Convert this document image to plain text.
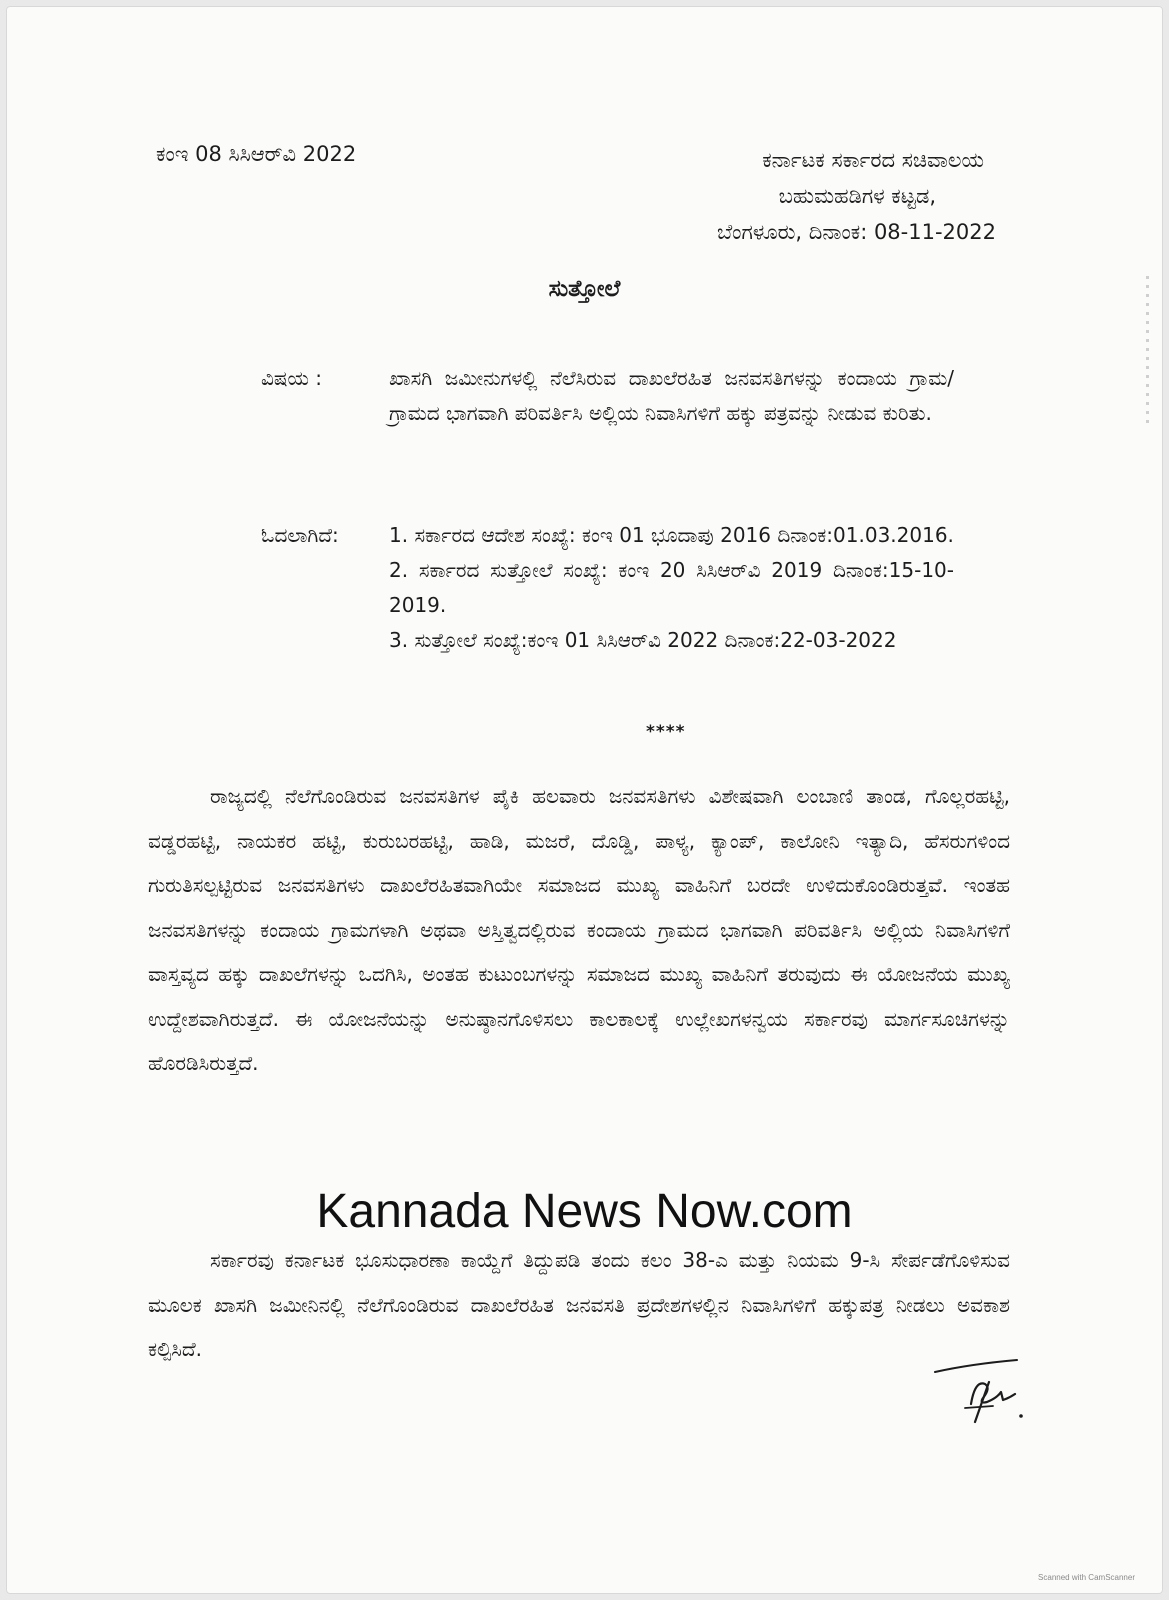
ಕಂಇ 08 ಸಿಸಿಆರ್‌ವಿ 2022	ಕರ್ನಾಟಕ ಸರ್ಕಾರದ ಸಚಿವಾಲಯ
ಬಹುಮಹಡಿಗಳ ಕಟ್ಟಡ,
ಬೆಂಗಳೂರು, ದಿನಾಂಕ: 08-11-2022
ಸುತ್ತೋಲೆ
ವಿಷಯ :	ಖಾಸಗಿ ಜಮೀನುಗಳಲ್ಲಿ ನೆಲೆಸಿರುವ ದಾಖಲೆರಹಿತ ಜನವಸತಿಗಳನ್ನು ಕಂದಾಯ ಗ್ರಾಮ/ಗ್ರಾಮದ ಭಾಗವಾಗಿ ಪರಿವರ್ತಿಸಿ ಅಲ್ಲಿಯ ನಿವಾಸಿಗಳಿಗೆ ಹಕ್ಕು ಪತ್ರವನ್ನು ನೀಡುವ ಕುರಿತು.
ಓದಲಾಗಿದೆ:	1. ಸರ್ಕಾರದ ಆದೇಶ ಸಂಖ್ಯೆ: ಕಂಇ 01 ಭೂದಾಪು 2016 ದಿನಾಂಕ:01.03.2016.
2. ಸರ್ಕಾರದ ಸುತ್ತೋಲೆ ಸಂಖ್ಯೆ: ಕಂಇ 20 ಸಿಸಿಆರ್‌ವಿ 2019 ದಿನಾಂಕ:15-10-2019.
3. ಸುತ್ತೋಲೆ ಸಂಖ್ಯೆ:ಕಂಇ 01 ಸಿಸಿಆರ್‌ವಿ 2022 ದಿನಾಂಕ:22-03-2022
****

ರಾಜ್ಯದಲ್ಲಿ ನೆಲೆಗೊಂಡಿರುವ ಜನವಸತಿಗಳ ಪೈಕಿ ಹಲವಾರು ಜನವಸತಿಗಳು ವಿಶೇಷವಾಗಿ ಲಂಬಾಣಿ ತಾಂಡ, ಗೊಲ್ಲರಹಟ್ಟಿ, ವಡ್ಡರಹಟ್ಟಿ, ನಾಯಕರ ಹಟ್ಟಿ, ಕುರುಬರಹಟ್ಟಿ, ಹಾಡಿ, ಮಜರೆ, ದೊಡ್ಡಿ, ಪಾಳ್ಯ, ಕ್ಯಾಂಪ್, ಕಾಲೋನಿ ಇತ್ಯಾದಿ, ಹೆಸರುಗಳಿಂದ ಗುರುತಿಸಲ್ಪಟ್ಟಿರುವ ಜನವಸತಿಗಳು ದಾಖಲೆರಹಿತವಾಗಿಯೇ ಸಮಾಜದ ಮುಖ್ಯ ವಾಹಿನಿಗೆ ಬರದೇ ಉಳಿದುಕೊಂಡಿರುತ್ತವೆ. ಇಂತಹ ಜನವಸತಿಗಳನ್ನು ಕಂದಾಯ ಗ್ರಾಮಗಳಾಗಿ ಅಥವಾ ಅಸ್ತಿತ್ವದಲ್ಲಿರುವ ಕಂದಾಯ ಗ್ರಾಮದ ಭಾಗವಾಗಿ ಪರಿವರ್ತಿಸಿ ಅಲ್ಲಿಯ ನಿವಾಸಿಗಳಿಗೆ ವಾಸ್ತವ್ಯದ ಹಕ್ಕು ದಾಖಲೆಗಳನ್ನು ಒದಗಿಸಿ, ಅಂತಹ ಕುಟುಂಬಗಳನ್ನು ಸಮಾಜದ ಮುಖ್ಯ ವಾಹಿನಿಗೆ ತರುವುದು ಈ ಯೋಜನೆಯ ಮುಖ್ಯ ಉದ್ದೇಶವಾಗಿರುತ್ತದೆ. ಈ ಯೋಜನೆಯನ್ನು ಅನುಷ್ಠಾನಗೊಳಿಸಲು ಕಾಲಕಾಲಕ್ಕೆ ಉಲ್ಲೇಖಗಳನ್ವಯ ಸರ್ಕಾರವು ಮಾರ್ಗಸೂಚಿಗಳನ್ನು ಹೊರಡಿಸಿರುತ್ತದೆ.

Kannada News Now.com

ಸರ್ಕಾರವು ಕರ್ನಾಟಕ ಭೂಸುಧಾರಣಾ ಕಾಯ್ದೆಗೆ ತಿದ್ದುಪಡಿ ತಂದು ಕಲಂ 38-ಎ ಮತ್ತು ನಿಯಮ 9-ಸಿ ಸೇರ್ಪಡೆಗೊಳಿಸುವ ಮೂಲಕ ಖಾಸಗಿ ಜಮೀನಿನಲ್ಲಿ ನೆಲೆಗೊಂಡಿರುವ ದಾಖಲೆರಹಿತ ಜನವಸತಿ ಪ್ರದೇಶಗಳಲ್ಲಿನ ನಿವಾಸಿಗಳಿಗೆ ಹಕ್ಕುಪತ್ರ ನೀಡಲು ಅವಕಾಶ ಕಲ್ಪಿಸಿದೆ.

Scanned with CamScanner
